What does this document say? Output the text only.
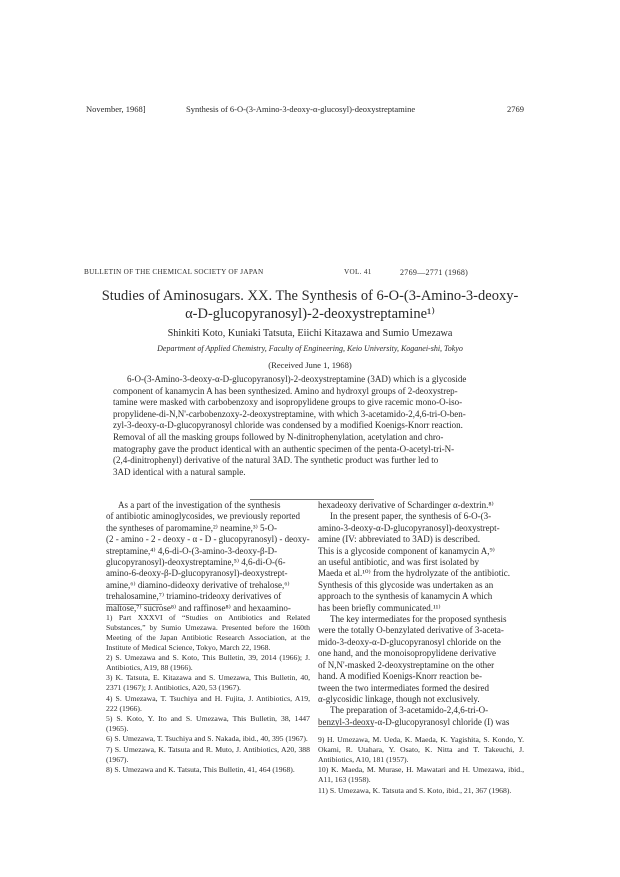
November, 1968]	Synthesis of 6-O-(3-Amino-3-deoxy-α-glucosyl)-deoxystreptamine	2769
BULLETIN OF THE CHEMICAL SOCIETY OF JAPAN	VOL. 41	2769—2771 (1968)
Studies of Aminosugars. XX. The Synthesis of 6-O-(3-Amino-3-deoxy-
α-D-glucopyranosyl)-2-deoxystreptamine¹⁾
Shinkiti Koto, Kuniaki Tatsuta, Eiichi Kitazawa and Sumio Umezawa
Department of Applied Chemistry, Faculty of Engineering, Keio University, Koganei-shi, Tokyo
(Received June 1, 1968)
6-O-(3-Amino-3-deoxy-α-D-glucopyranosyl)-2-deoxystreptamine (3AD) which is a glycoside
component of kanamycin A has been synthesized. Amino and hydroxyl groups of 2-deoxystrep-
tamine were masked with carbobenzoxy and isopropylidene groups to give racemic mono-O-iso-
propylidene-di-N,N'-carbobenzoxy-2-deoxystreptamine, with which 3-acetamido-2,4,6-tri-O-ben-
zyl-3-deoxy-α-D-glucopyranosyl chloride was condensed by a modified Koenigs-Knorr reaction.
Removal of all the masking groups followed by N-dinitrophenylation, acetylation and chro-
matography gave the product identical with an authentic specimen of the penta-O-acetyl-tri-N-
(2,4-dinitrophenyl) derivative of the natural 3AD. The synthetic product was further led to
3AD identical with a natural sample.
As a part of the investigation of the synthesis
of antibiotic aminoglycosides, we previously reported
the syntheses of paromamine,²⁾ neamine,³⁾ 5-O-
(2 - amino - 2 - deoxy - α - D - glucopyranosyl) - deoxy-
streptamine,⁴⁾ 4,6-di-O-(3-amino-3-deoxy-β-D-
glucopyranosyl)-deoxystreptamine,⁵⁾ 4,6-di-O-(6-
amino-6-deoxy-β-D-glucopyranosyl)-deoxystrept-
amine,⁶⁾ diamino-dideoxy derivative of trehalose,⁶⁾
trehalosamine,⁷⁾ triamino-trideoxy derivatives of
maltose,⁷⁾ sucrose⁸⁾ and raffinose⁸⁾ and hexaamino-
1) Part XXXVI of “Studies on Antibiotics and Related Substances,” by Sumio Umezawa. Presented before the 160th Meeting of the Japan Antibiotic Research Association, at the Institute of Medical Science, Tokyo, March 22, 1968.
2) S. Umezawa and S. Koto, This Bulletin, 39, 2014 (1966); J. Antibiotics, A19, 88 (1966).
3) K. Tatsuta, E. Kitazawa and S. Umezawa, This Bulletin, 40, 2371 (1967); J. Antibiotics, A20, 53 (1967).
4) S. Umezawa, T. Tsuchiya and H. Fujita, J. Antibiotics, A19, 222 (1966).
5) S. Koto, Y. Ito and S. Umezawa, This Bulletin, 38, 1447 (1965).
6) S. Umezawa, T. Tsuchiya and S. Nakada, ibid., 40, 395 (1967).
7) S. Umezawa, K. Tatsuta and R. Muto, J. Antibiotics, A20, 388 (1967).
8) S. Umezawa and K. Tatsuta, This Bulletin, 41, 464 (1968).
hexadeoxy derivative of Schardinger α-dextrin.⁸⁾
In the present paper, the synthesis of 6-O-(3-
amino-3-deoxy-α-D-glucopyranosyl)-deoxystrept-
amine (IV: abbreviated to 3AD) is described.
This is a glycoside component of kanamycin A,⁹⁾
an useful antibiotic, and was first isolated by
Maeda et al.¹⁰⁾ from the hydrolyzate of the antibiotic.
Synthesis of this glycoside was undertaken as an
approach to the synthesis of kanamycin A which
has been briefly communicated.¹¹⁾
The key intermediates for the proposed synthesis
were the totally O-benzylated derivative of 3-aceta-
mido-3-deoxy-α-D-glucopyranosyl chloride on the
one hand, and the monoisopropylidene derivative
of N,N'-masked 2-deoxystreptamine on the other
hand. A modified Koenigs-Knorr reaction be-
tween the two intermediates formed the desired
α-glycosidic linkage, though not exclusively.
The preparation of 3-acetamido-2,4,6-tri-O-
benzyl-3-deoxy-α-D-glucopyranosyl chloride (I) was
9) H. Umezawa, M. Ueda, K. Maeda, K. Yagishita, S. Kondo, Y. Okami, R. Utahara, Y. Osato, K. Nitta and T. Takeuchi, J. Antibiotics, A10, 181 (1957).
10) K. Maeda, M. Murase, H. Mawatari and H. Umezawa, ibid., A11, 163 (1958).
11) S. Umezawa, K. Tatsuta and S. Koto, ibid., 21, 367 (1968).
